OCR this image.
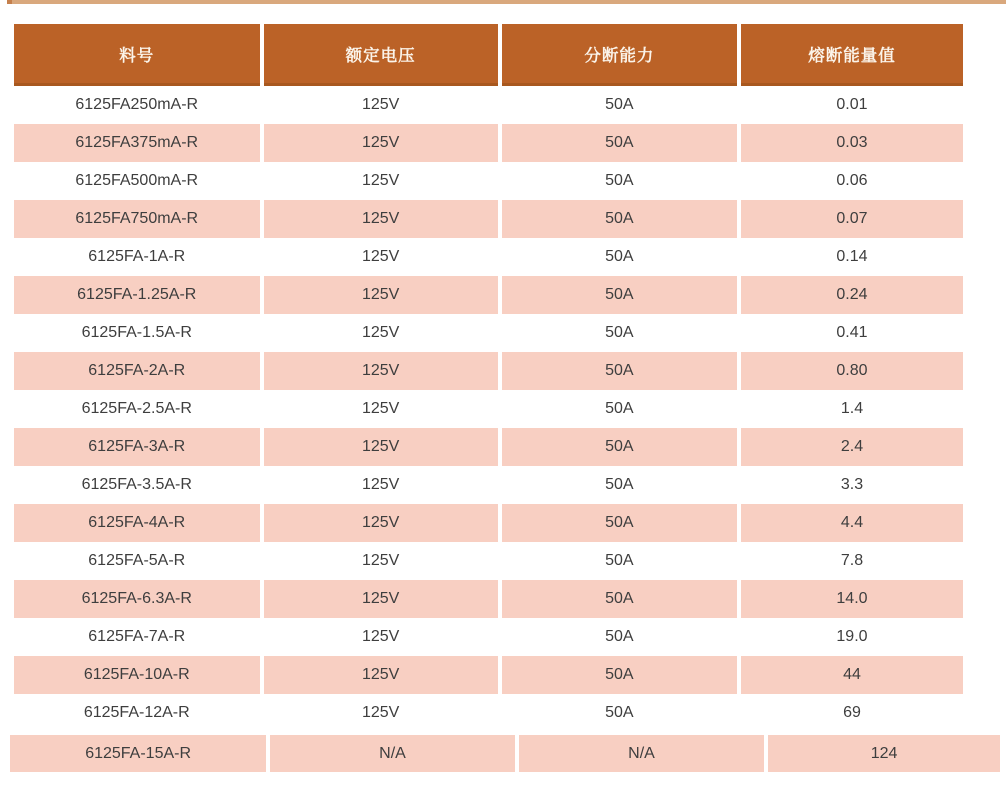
料号	额定电压	分断能力	熔断能量值
6125FA250mA-R	125V	50A	0.01
6125FA375mA-R	125V	50A	0.03
6125FA500mA-R	125V	50A	0.06
6125FA750mA-R	125V	50A	0.07
6125FA-1A-R	125V	50A	0.14
6125FA-1.25A-R	125V	50A	0.24
6125FA-1.5A-R	125V	50A	0.41
6125FA-2A-R	125V	50A	0.80
6125FA-2.5A-R	125V	50A	1.4
6125FA-3A-R	125V	50A	2.4
6125FA-3.5A-R	125V	50A	3.3
6125FA-4A-R	125V	50A	4.4
6125FA-5A-R	125V	50A	7.8
6125FA-6.3A-R	125V	50A	14.0
6125FA-7A-R	125V	50A	19.0
6125FA-10A-R	125V	50A	44
6125FA-12A-R	125V	50A	69
6125FA-15A-R	N/A	N/A	124
